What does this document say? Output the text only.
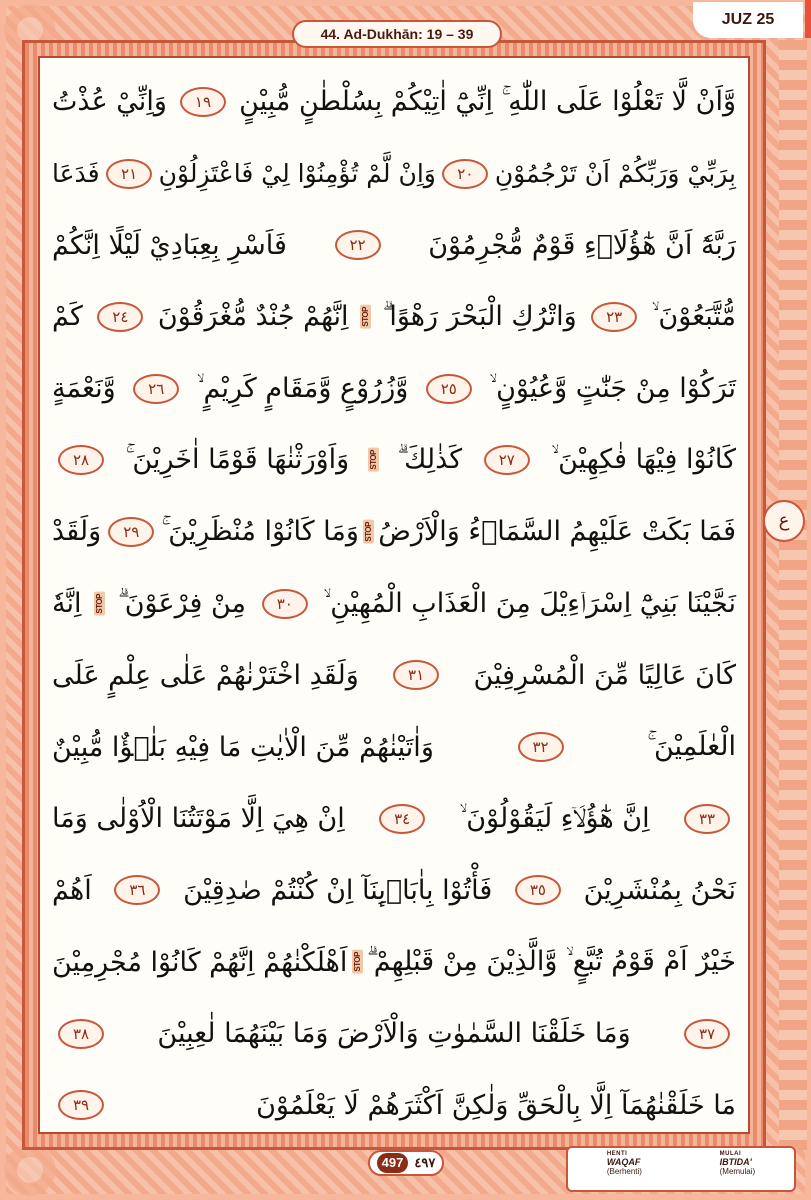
44. Ad-Dukhān: 19 – 39
JUZ 25
وَّاَنْ لَّا تَعْلُوْا عَلَى اللّٰهِ ۚ اِنِّيْٓ اٰتِيْكُمْ بِسُلْطٰنٍ مُّبِيْنٍ
١٩
وَاِنِّيْ عُذْتُ
بِرَبِّيْ وَرَبِّكُمْ اَنْ تَرْجُمُوْنِ
٢٠
وَاِنْ لَّمْ تُؤْمِنُوْا لِيْ فَاعْتَزِلُوْنِ
٢١
فَدَعَا
رَبَّهٗٓ اَنَّ هٰٓؤُلَاۤءِ قَوْمٌ مُّجْرِمُوْنَ
٢٢
فَاَسْرِ بِعِبَادِيْ لَيْلًا اِنَّكُمْ
مُّتَّبَعُوْنَ ۙ
٢٣
وَاتْرُكِ الْبَحْرَ رَهْوًا ۗ
STOP
اِنَّهُمْ جُنْدٌ مُّغْرَقُوْنَ
٢٤
كَمْ
تَرَكُوْا مِنْ جَنّٰتٍ وَّعُيُوْنٍ ۙ
٢٥
وَّزُرُوْعٍ وَّمَقَامٍ كَرِيْمٍ ۙ
٢٦
وَّنَعْمَةٍ
كَانُوْا فِيْهَا فٰكِهِيْنَ ۙ
٢٧
كَذٰلِكَ ۗ
STOP
وَاَوْرَثْنٰهَا قَوْمًا اٰخَرِيْنَ ۚ
٢٨
فَمَا بَكَتْ عَلَيْهِمُ السَّمَاۤءُ وَالْاَرْضُ
STOP
وَمَا كَانُوْا مُنْظَرِيْنَ ۚ
٢٩
وَلَقَدْ
نَجَّيْنَا بَنِيْٓ اِسْرَاۤءِيْلَ مِنَ الْعَذَابِ الْمُهِيْنِ ۙ
٣٠
مِنْ فِرْعَوْنَ ۗ
STOP
اِنَّهٗ
كَانَ عَالِيًا مِّنَ الْمُسْرِفِيْنَ
٣١
وَلَقَدِ اخْتَرْنٰهُمْ عَلٰى عِلْمٍ عَلَى
الْعٰلَمِيْنَ ۚ
٣٢
وَاٰتَيْنٰهُمْ مِّنَ الْاٰيٰتِ مَا فِيْهِ بَلٰۤؤٌا مُّبِيْنٌ
٣٣
اِنَّ هٰٓؤُلَاۤءِ لَيَقُوْلُوْنَ ۙ
٣٤
اِنْ هِيَ اِلَّا مَوْتَتُنَا الْاُوْلٰى وَمَا
نَحْنُ بِمُنْشَرِيْنَ
٣٥
فَأْتُوْا بِاٰبَاۤىِٕنَآ اِنْ كُنْتُمْ صٰدِقِيْنَ
٣٦
اَهُمْ
خَيْرٌ اَمْ قَوْمُ تُبَّعٍ ۙ وَّالَّذِيْنَ مِنْ قَبْلِهِمْ ۗ
STOP
اَهْلَكْنٰهُمْ اِنَّهُمْ كَانُوْا مُجْرِمِيْنَ
٣٧
وَمَا خَلَقْنَا السَّمٰوٰتِ وَالْاَرْضَ وَمَا بَيْنَهُمَا لٰعِبِيْنَ
٣٨
مَا خَلَقْنٰهُمَآ اِلَّا بِالْحَقِّ وَلٰكِنَّ اَكْثَرَهُمْ لَا يَعْلَمُوْنَ
٣٩
ع
497 ٤٩٧
HENTI
WAQAF
(Berhenti)
MULAI
IBTIDA'
(Memulai)
